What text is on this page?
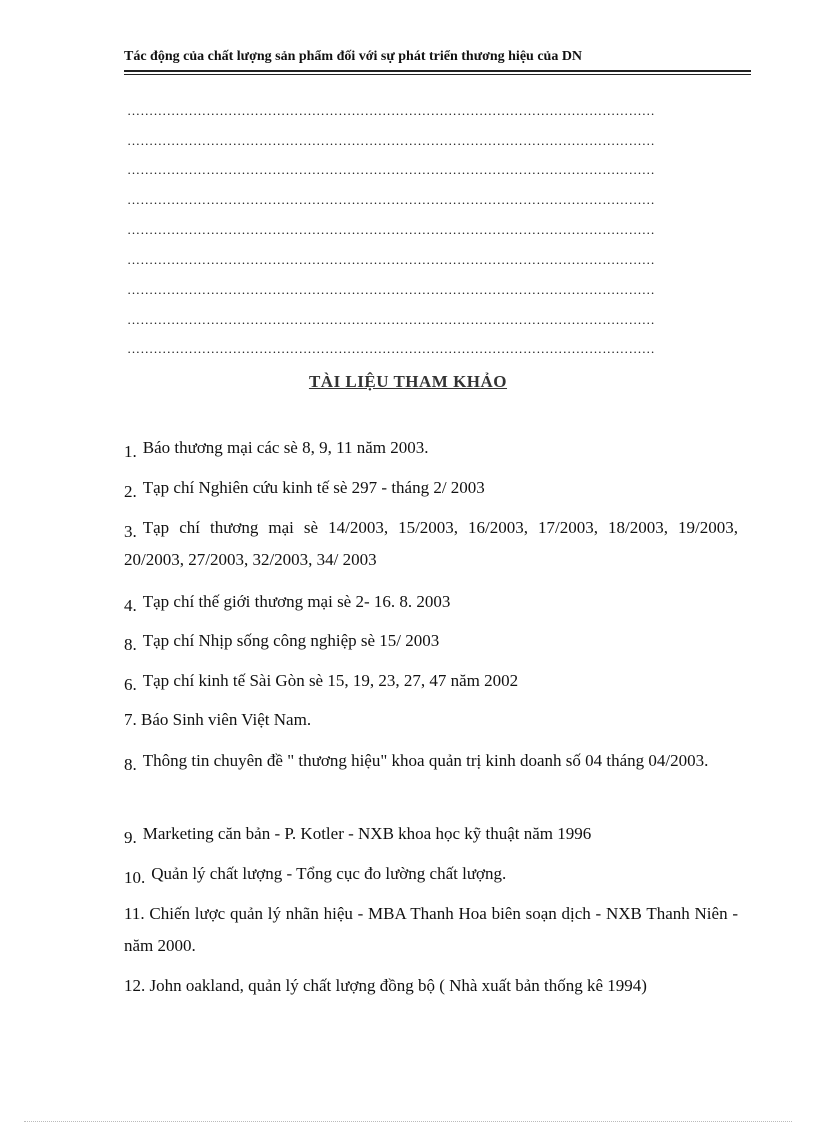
Tác động của chất lượng sản phẩm đối với sự phát triển thương hiệu của DN
…………………………………………………………………………………………………………
…………………………………………………………………………………………………………
…………………………………………………………………………………………………………
…………………………………………………………………………………………………………
…………………………………………………………………………………………………………
…………………………………………………………………………………………………………
…………………………………………………………………………………………………………
…………………………………………………………………………………………………………
…………………………………………………………………………………………………………
TÀI LIỆU THAM KHẢO
1. Báo thương mại các sè 8, 9, 11 năm 2003.
2. Tạp chí Nghiên cứu kinh tế sè 297 - tháng 2/ 2003
3. Tạp chí thương mại sè 14/2003, 15/2003, 16/2003, 17/2003, 18/2003, 19/2003, 20/2003, 27/2003, 32/2003, 34/ 2003
4. Tạp chí thế giới thương mại sè 2- 16. 8. 2003
8. Tạp chí Nhịp sống công nghiệp sè 15/ 2003
6. Tạp chí kinh tế Sài Gòn sè 15, 19, 23, 27, 47 năm 2002
7. Báo Sinh viên Việt Nam.
8. Thông tin chuyên đề " thương hiệu" khoa quản trị kinh doanh số 04 tháng 04/2003.
9. Marketing căn bản - P. Kotler - NXB khoa học kỹ thuật năm 1996
10. Quản lý chất lượng - Tổng cục đo lường chất lượng.
11. Chiến lược quản lý nhãn hiệu - MBA Thanh Hoa biên soạn dịch - NXB Thanh Niên - năm 2000.
12. John oakland, quản lý chất lượng đồng bộ ( Nhà xuất bản thống kê 1994)
